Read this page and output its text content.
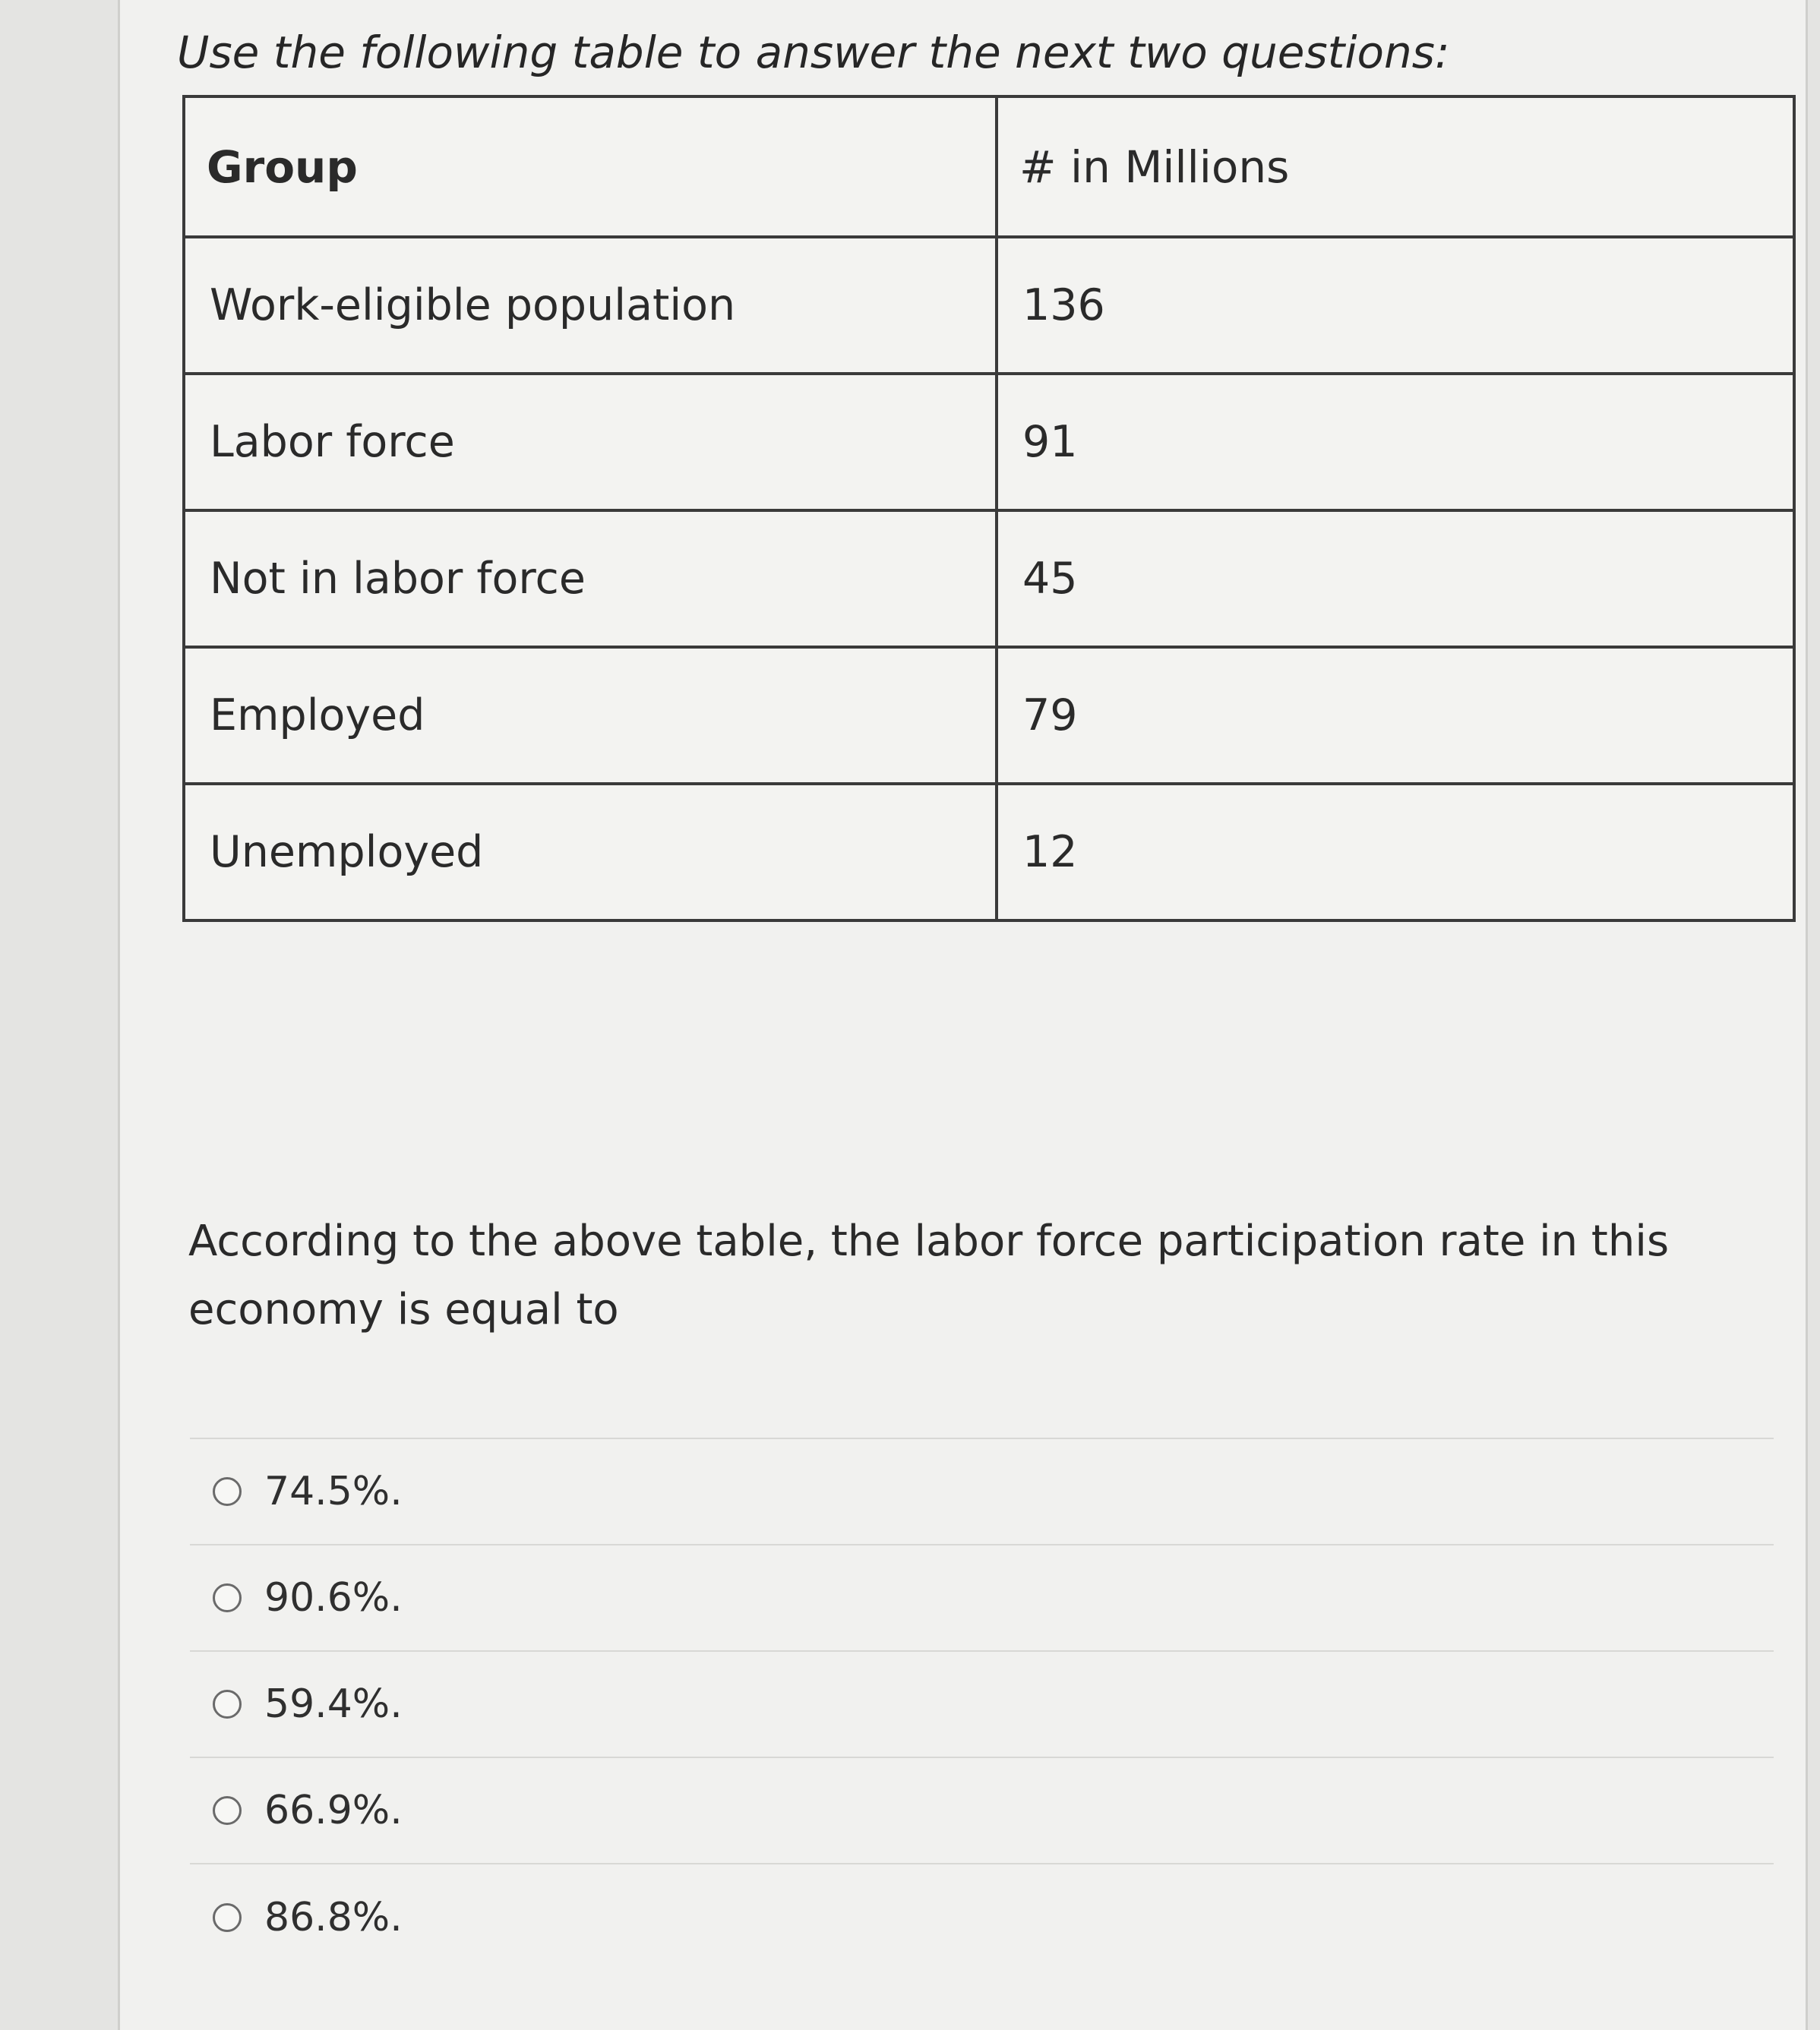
Use the following table to answer the next two questions:
Group	# in Millions
Work-eligible population	136
Labor force	91
Not in labor force	45
Employed	79
Unemployed	12
According to the above table, the labor force participation rate in this economy is equal to
74.5%.
90.6%.
59.4%.
66.9%.
86.8%.
